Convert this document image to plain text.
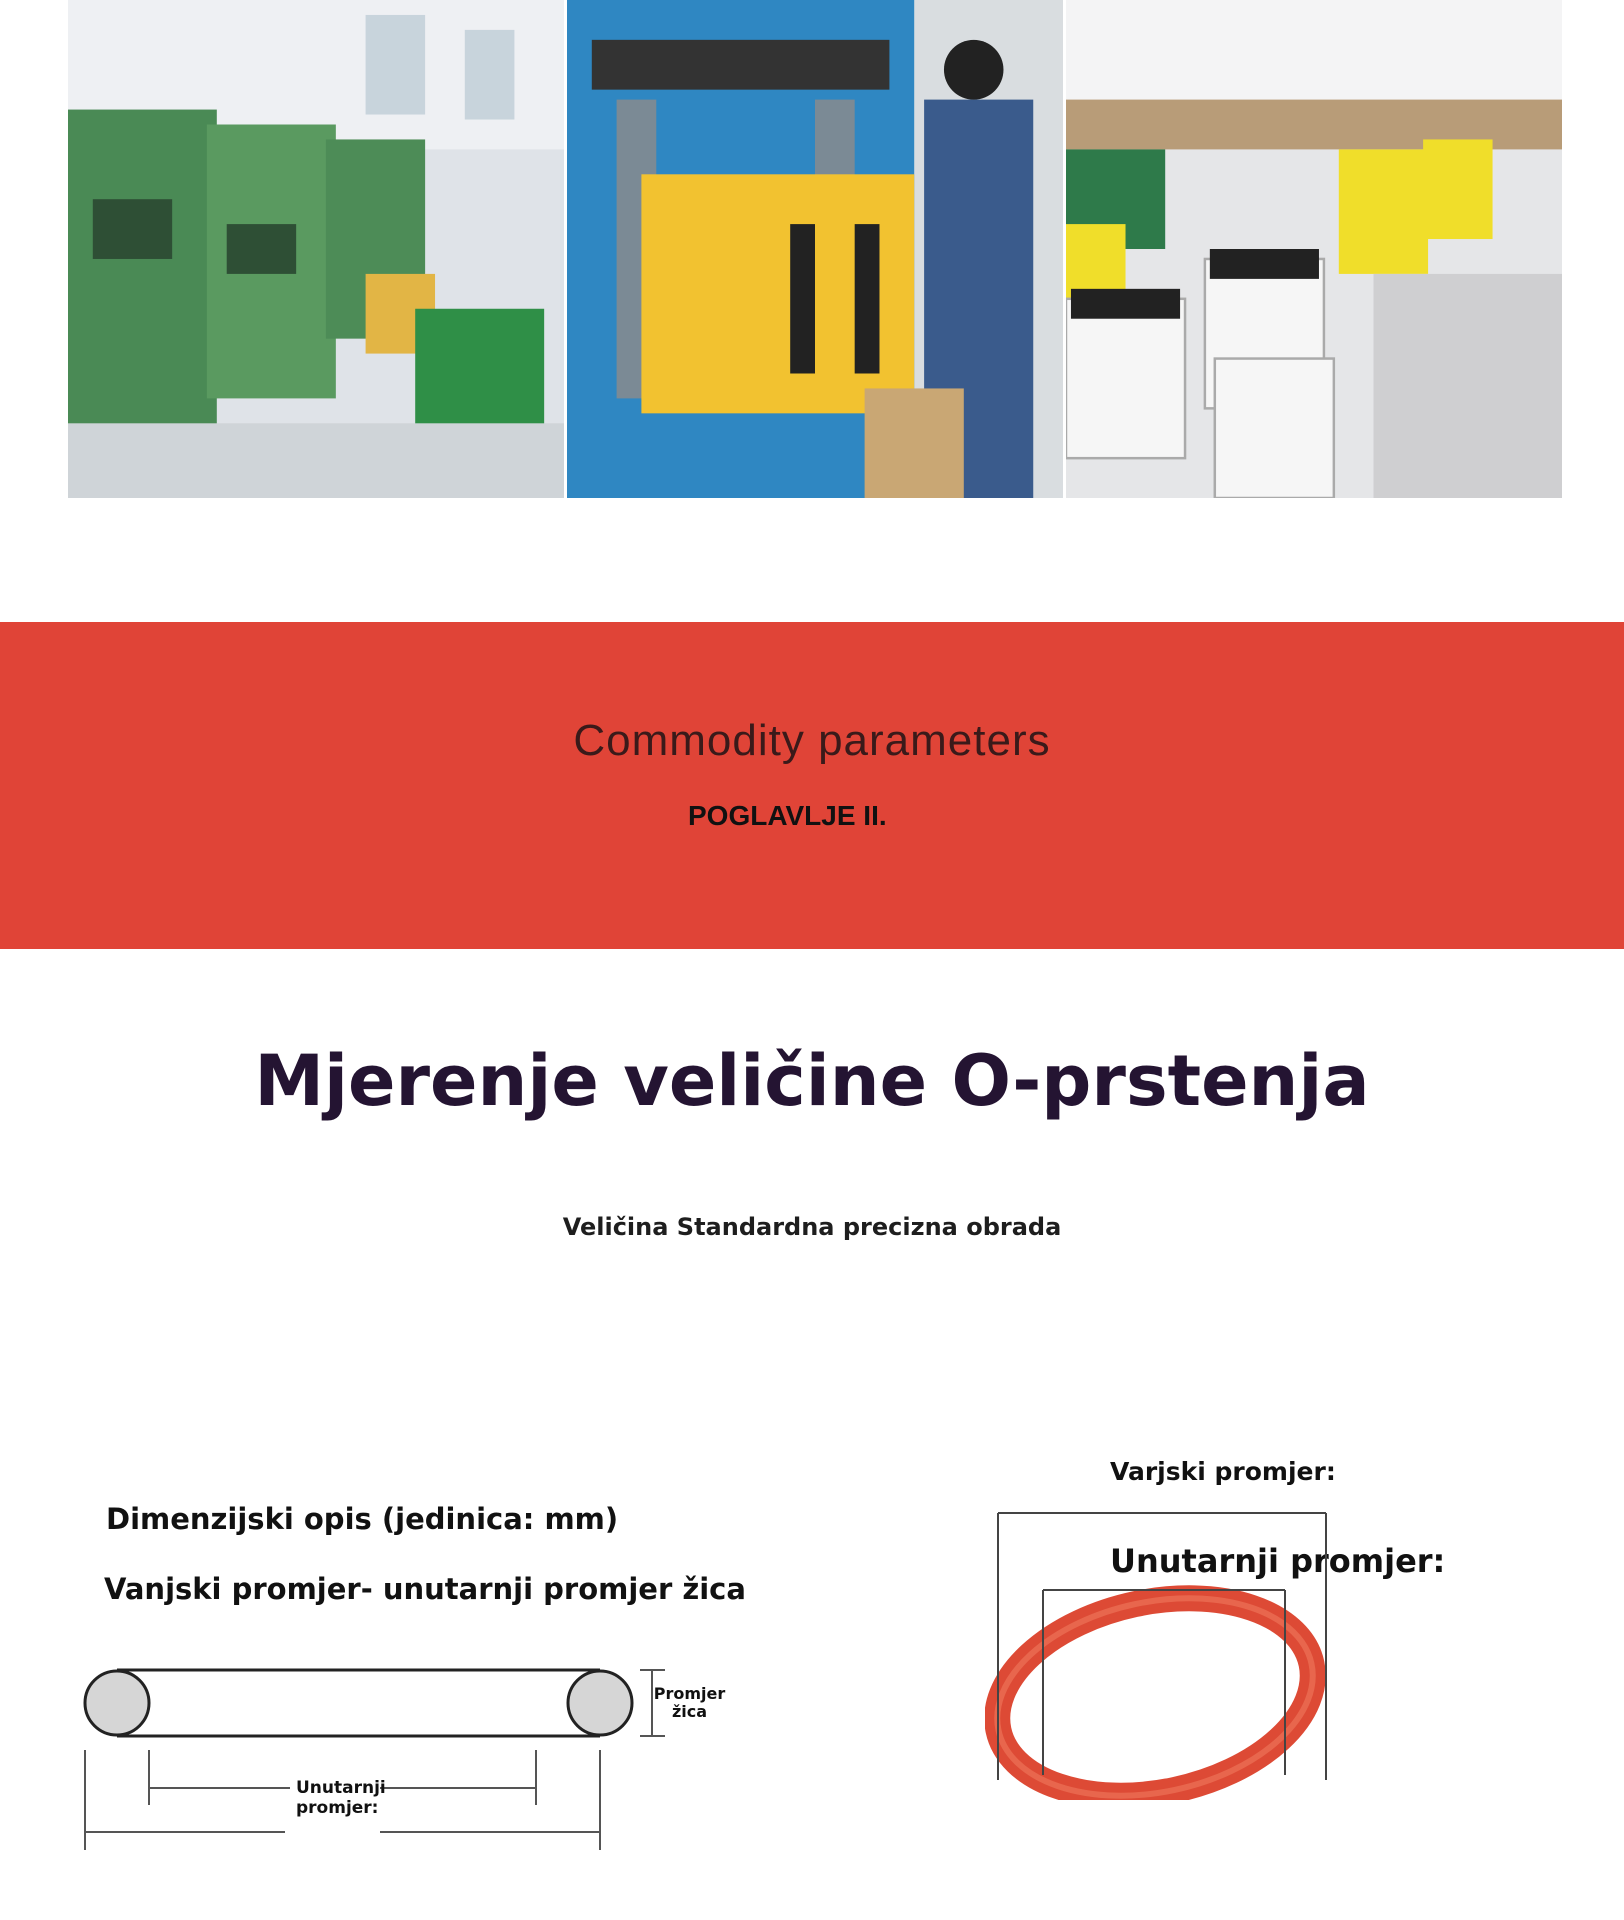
Commodity parameters
POGLAVLJE II.
Mjerenje veličine O-prstenja
Veličina Standardna precizna obrada
Dimenzijski opis (jedinica: mm)
Vanjski promjer- unutarnji promjer žica
Promjer žica
Unutarnji promjer:
Varjski promjer:
Unutarnji promjer:
